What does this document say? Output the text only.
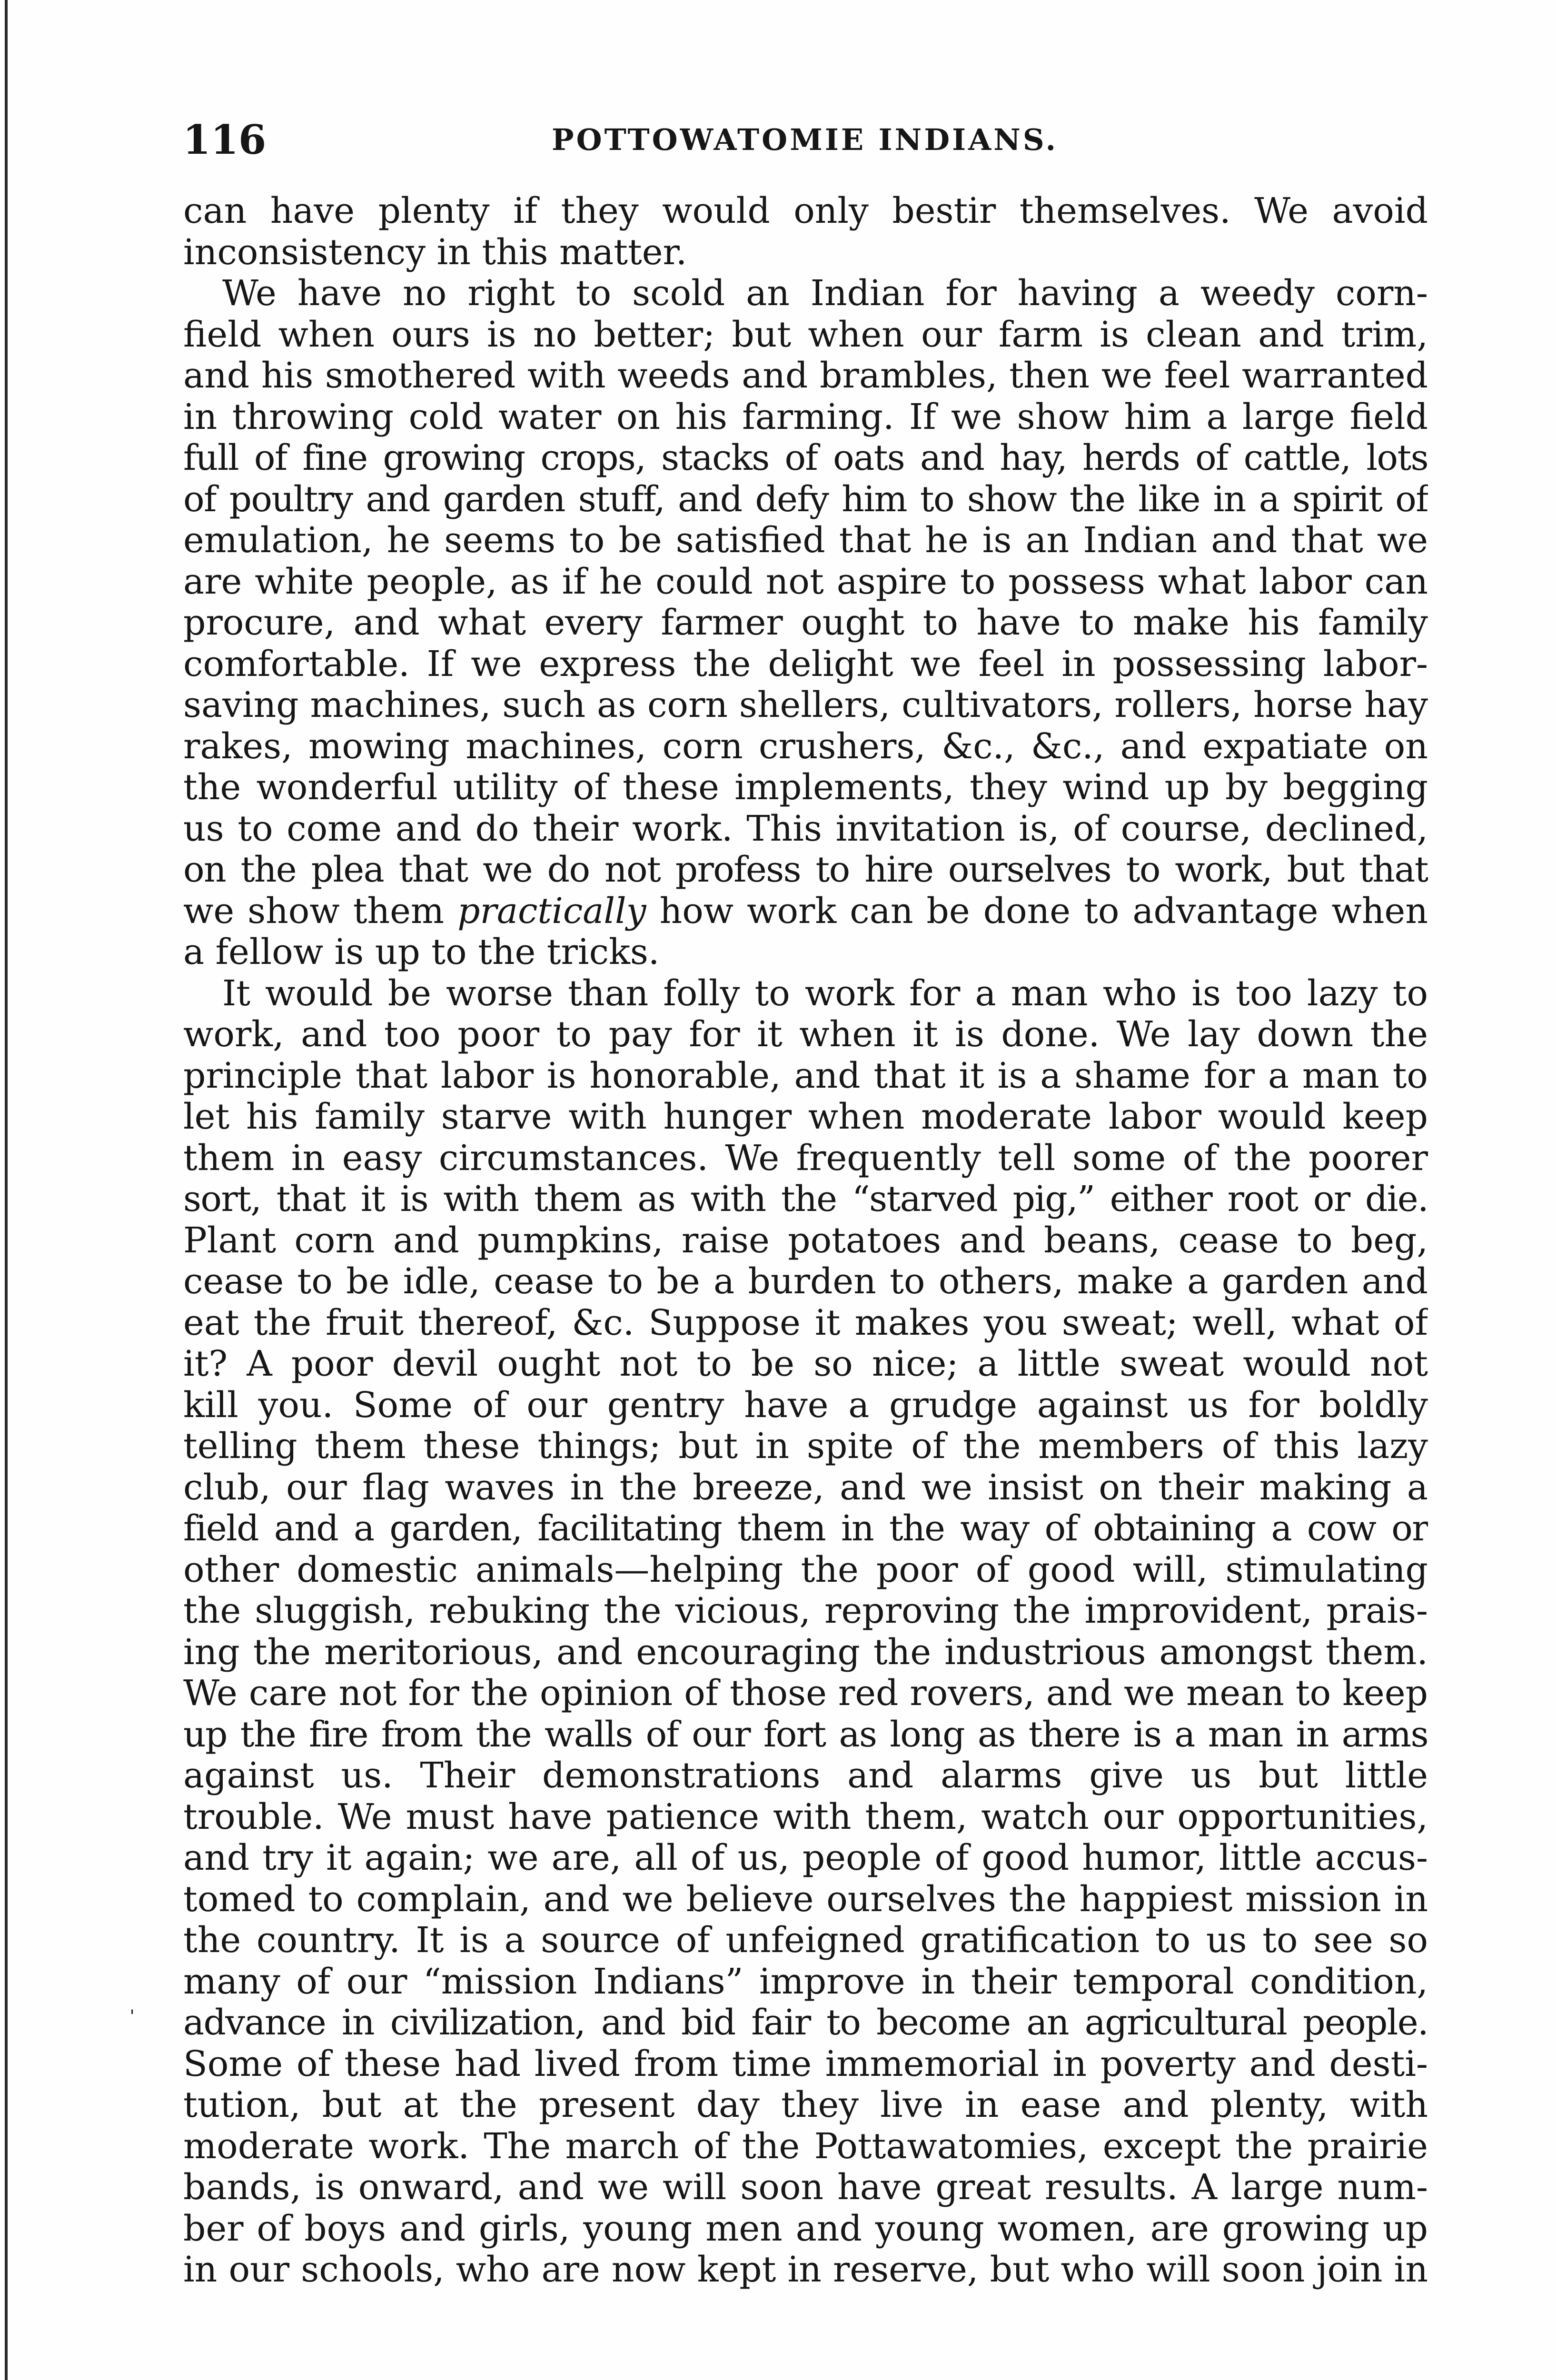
116	POTTOWATOMIE INDIANS.
ˌ
can have plenty if they would only bestir themselves. We avoid
inconsistency in this matter.
We have no right to scold an Indian for having a weedy corn-
field when ours is no better; but when our farm is clean and trim,
and his smothered with weeds and brambles, then we feel warranted
in throwing cold water on his farming. If we show him a large field
full of fine growing crops, stacks of oats and hay, herds of cattle, lots
of poultry and garden stuff, and defy him to show the like in a spirit of
emulation, he seems to be satisfied that he is an Indian and that we
are white people, as if he could not aspire to possess what labor can
procure, and what every farmer ought to have to make his family
comfortable. If we express the delight we feel in possessing labor-
saving machines, such as corn shellers, cultivators, rollers, horse hay
rakes, mowing machines, corn crushers, &c., &c., and expatiate on
the wonderful utility of these implements, they wind up by begging
us to come and do their work. This invitation is, of course, declined,
on the plea that we do not profess to hire ourselves to work, but that
we show them practically how work can be done to advantage when
a fellow is up to the tricks.
It would be worse than folly to work for a man who is too lazy to
work, and too poor to pay for it when it is done. We lay down the
principle that labor is honorable, and that it is a shame for a man to
let his family starve with hunger when moderate labor would keep
them in easy circumstances. We frequently tell some of the poorer
sort, that it is with them as with the “starved pig,” either root or die.
Plant corn and pumpkins, raise potatoes and beans, cease to beg,
cease to be idle, cease to be a burden to others, make a garden and
eat the fruit thereof, &c. Suppose it makes you sweat; well, what of
it? A poor devil ought not to be so nice; a little sweat would not
kill you. Some of our gentry have a grudge against us for boldly
telling them these things; but in spite of the members of this lazy
club, our flag waves in the breeze, and we insist on their making a
field and a garden, facilitating them in the way of obtaining a cow or
other domestic animals—helping the poor of good will, stimulating
the sluggish, rebuking the vicious, reproving the improvident, prais-
ing the meritorious, and encouraging the industrious amongst them.
We care not for the opinion of those red rovers, and we mean to keep
up the fire from the walls of our fort as long as there is a man in arms
against us. Their demonstrations and alarms give us but little
trouble. We must have patience with them, watch our opportunities,
and try it again; we are, all of us, people of good humor, little accus-
tomed to complain, and we believe ourselves the happiest mission in
the country. It is a source of unfeigned gratification to us to see so
many of our “mission Indians” improve in their temporal condition,
advance in civilization, and bid fair to become an agricultural people.
Some of these had lived from time immemorial in poverty and desti-
tution, but at the present day they live in ease and plenty, with
moderate work. The march of the Pottawatomies, except the prairie
bands, is onward, and we will soon have great results. A large num-
ber of boys and girls, young men and young women, are growing up
in our schools, who are now kept in reserve, but who will soon join in
